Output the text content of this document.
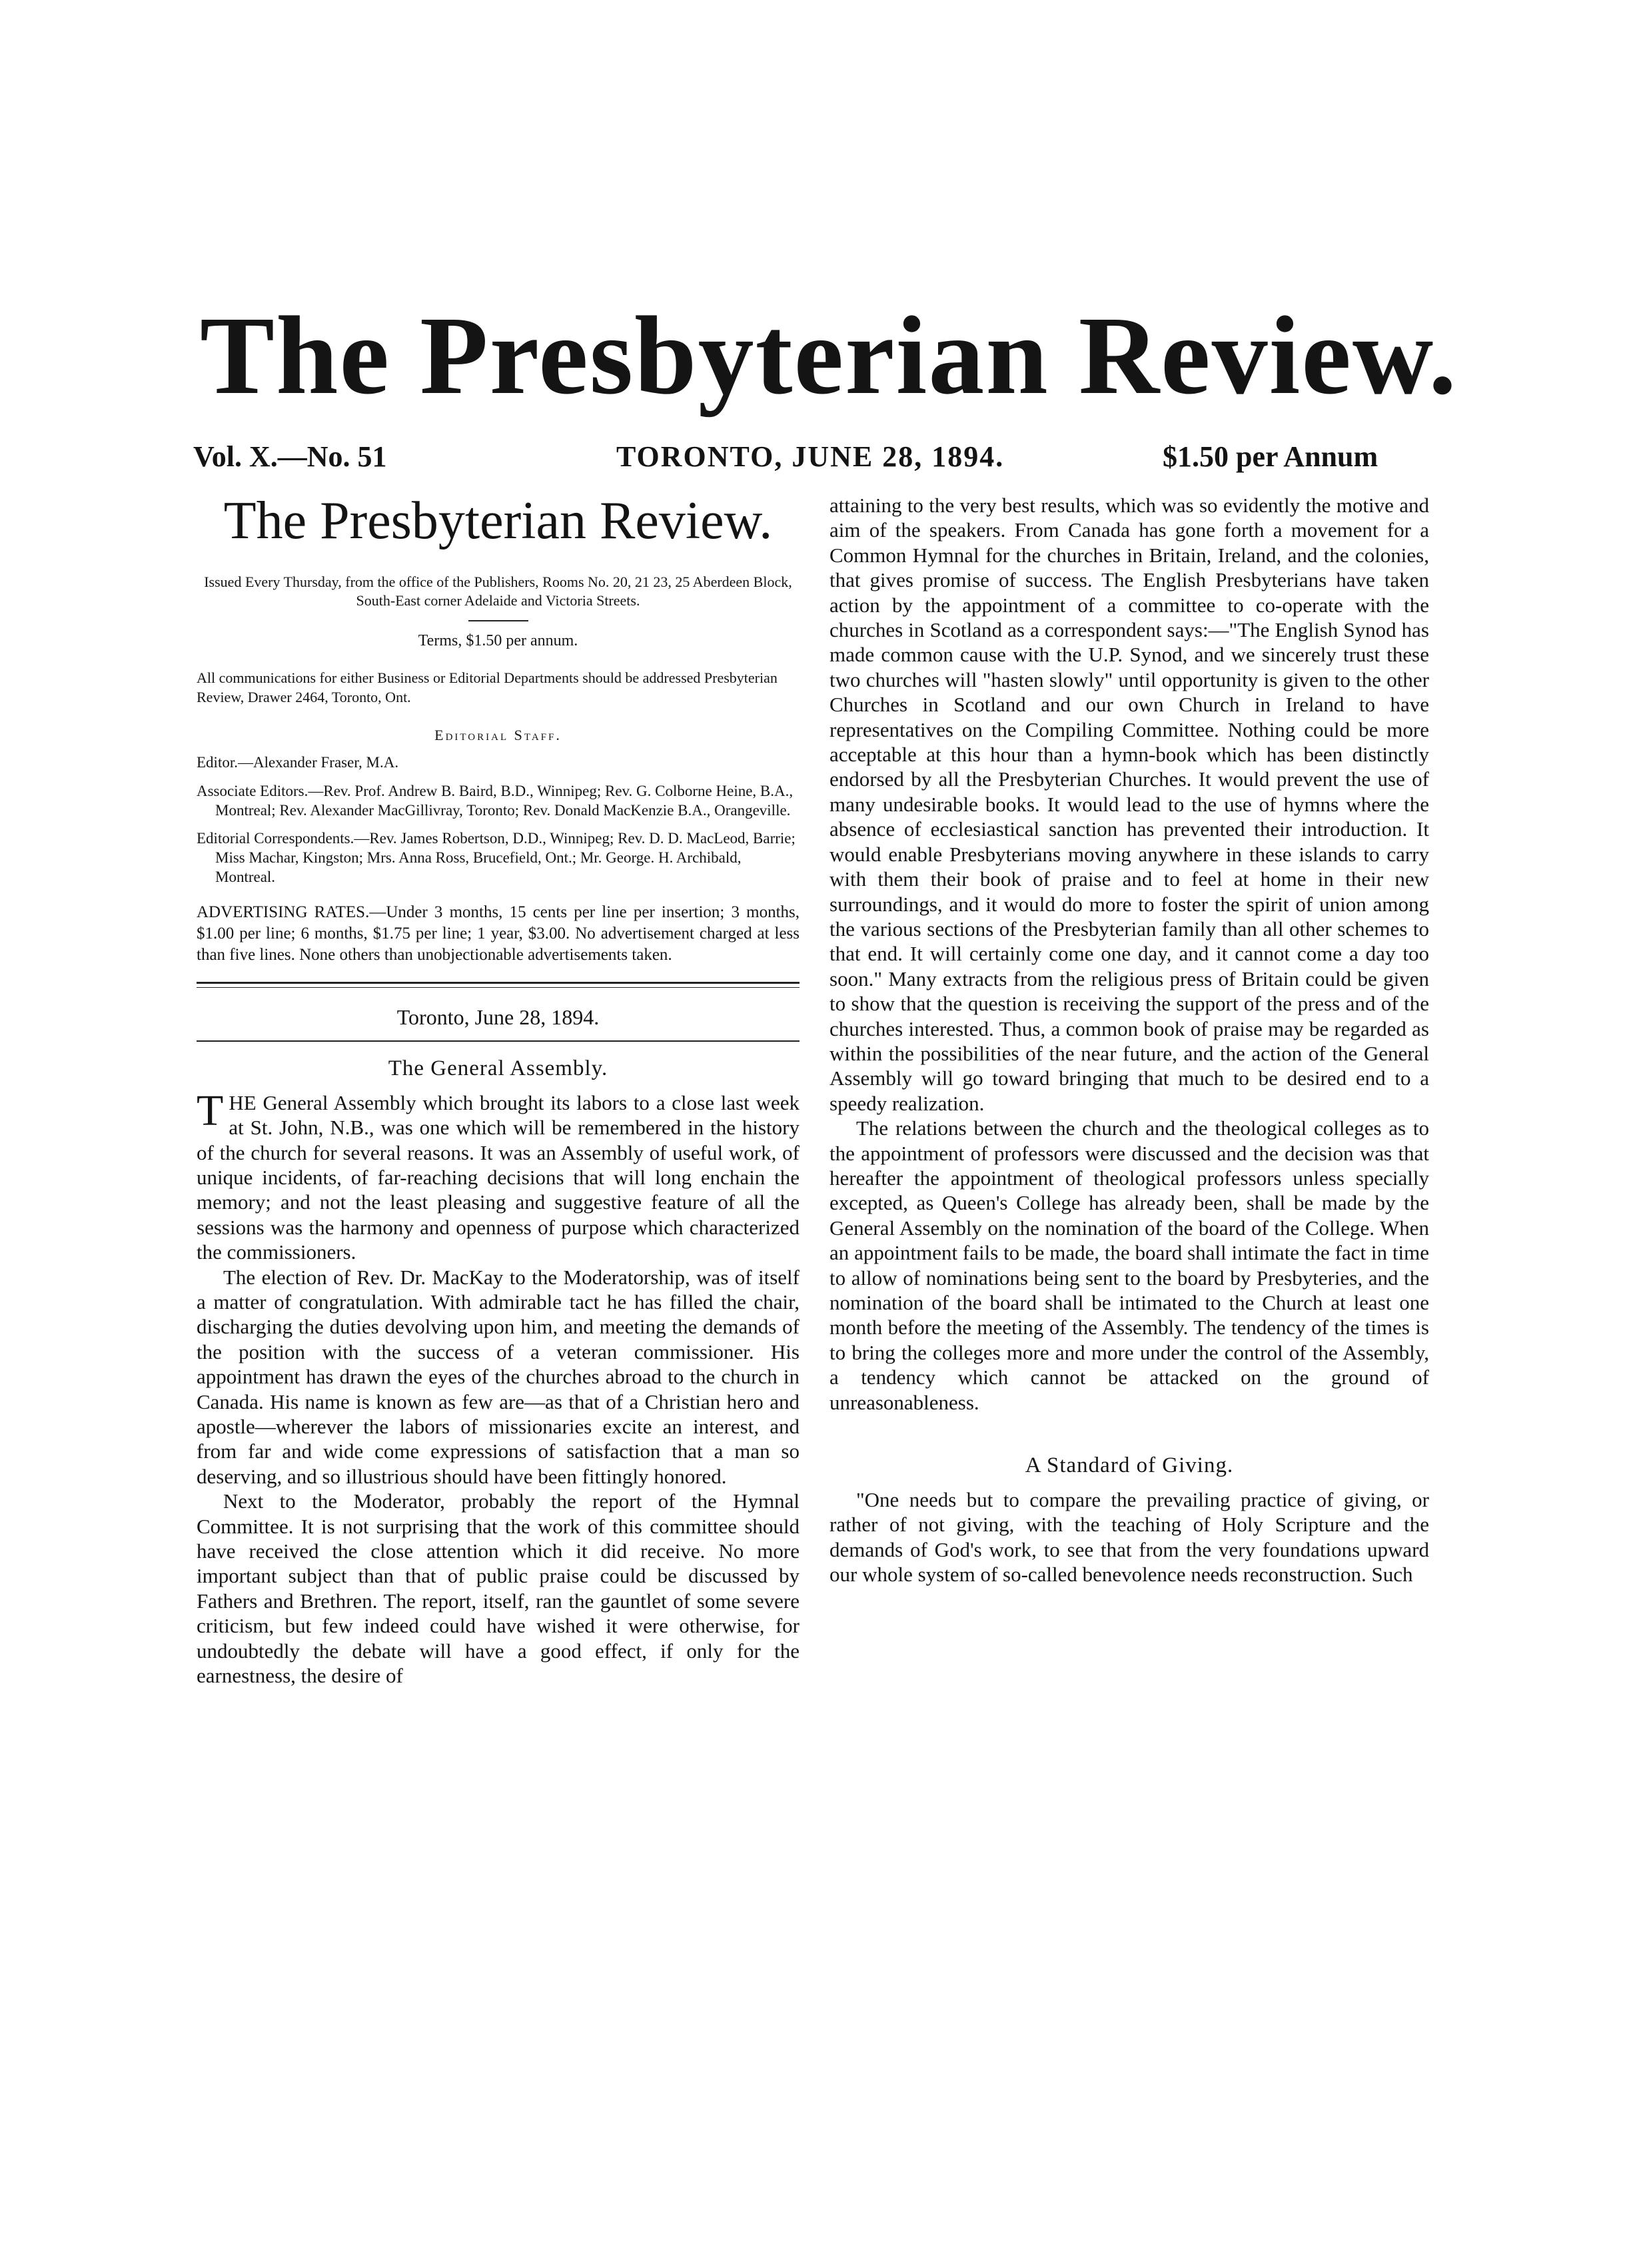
The Presbyterian Review.
Vol. X.—No. 51	TORONTO, JUNE 28, 1894.	$1.50 per Annum
The Presbyterian Review.
Issued Every Thursday, from the office of the Publishers, Rooms No. 20, 21 23, 25 Aberdeen Block, South-East corner Adelaide and Victoria Streets.
Terms, $1.50 per annum.
All communications for either Business or Editorial Departments should be addressed Presbyterian Review, Drawer 2464, Toronto, Ont.
Editorial Staff.
Editor.—Alexander Fraser, M.A.
Associate Editors.—Rev. Prof. Andrew B. Baird, B.D., Winnipeg; Rev. G. Colborne Heine, B.A., Montreal; Rev. Alexander MacGillivray, Toronto; Rev. Donald MacKenzie B.A., Orangeville.
Editorial Correspondents.—Rev. James Robertson, D.D., Winnipeg; Rev. D. D. MacLeod, Barrie; Miss Machar, Kingston; Mrs. Anna Ross, Brucefield, Ont.; Mr. George. H. Archibald, Montreal.
ADVERTISING RATES.—Under 3 months, 15 cents per line per insertion; 3 months, $1.00 per line; 6 months, $1.75 per line; 1 year, $3.00. No advertisement charged at less than five lines. None others than unobjectionable advertisements taken.
Toronto, June 28, 1894.
The General Assembly.

THE General Assembly which brought its labors to a close last week at St. John, N.B., was one which will be remembered in the history of the church for several reasons. It was an Assembly of useful work, of unique incidents, of far-reaching decisions that will long enchain the memory; and not the least pleasing and suggestive feature of all the sessions was the harmony and openness of purpose which characterized the commissioners.

The election of Rev. Dr. MacKay to the Moderatorship, was of itself a matter of congratulation. With admirable tact he has filled the chair, discharging the duties devolving upon him, and meeting the demands of the position with the success of a veteran commissioner. His appointment has drawn the eyes of the churches abroad to the church in Canada. His name is known as few are—as that of a Christian hero and apostle—wherever the labors of missionaries excite an interest, and from far and wide come expressions of satisfaction that a man so deserving, and so illustrious should have been fittingly honored.

Next to the Moderator, probably the report of the Hymnal Committee. It is not surprising that the work of this committee should have received the close attention which it did receive. No more important subject than that of public praise could be discussed by Fathers and Brethren. The report, itself, ran the gauntlet of some severe criticism, but few indeed could have wished it were otherwise, for undoubtedly the debate will have a good effect, if only for the earnestness, the desire of

attaining to the very best results, which was so evidently the motive and aim of the speakers. From Canada has gone forth a movement for a Common Hymnal for the churches in Britain, Ireland, and the colonies, that gives promise of success. The English Presbyterians have taken action by the appointment of a committee to co-operate with the churches in Scotland as a correspondent says:—"The English Synod has made common cause with the U.P. Synod, and we sincerely trust these two churches will "hasten slowly" until opportunity is given to the other Churches in Scotland and our own Church in Ireland to have representatives on the Compiling Committee. Nothing could be more acceptable at this hour than a hymn-book which has been distinctly endorsed by all the Presbyterian Churches. It would prevent the use of many undesirable books. It would lead to the use of hymns where the absence of ecclesiastical sanction has prevented their introduction. It would enable Presbyterians moving anywhere in these islands to carry with them their book of praise and to feel at home in their new surroundings, and it would do more to foster the spirit of union among the various sections of the Presbyterian family than all other schemes to that end. It will certainly come one day, and it cannot come a day too soon." Many extracts from the religious press of Britain could be given to show that the question is receiving the support of the press and of the churches interested. Thus, a common book of praise may be regarded as within the possibilities of the near future, and the action of the General Assembly will go toward bringing that much to be desired end to a speedy realization.

The relations between the church and the theological colleges as to the appointment of professors were discussed and the decision was that hereafter the appointment of theological professors unless specially excepted, as Queen's College has already been, shall be made by the General Assembly on the nomination of the board of the College. When an appointment fails to be made, the board shall intimate the fact in time to allow of nominations being sent to the board by Presbyteries, and the nomination of the board shall be intimated to the Church at least one month before the meeting of the Assembly. The tendency of the times is to bring the colleges more and more under the control of the Assembly, a tendency which cannot be attacked on the ground of unreasonableness.

A Standard of Giving.

"One needs but to compare the prevailing practice of giving, or rather of not giving, with the teaching of Holy Scripture and the demands of God's work, to see that from the very foundations upward our whole system of so-called benevolence needs reconstruction. Such
